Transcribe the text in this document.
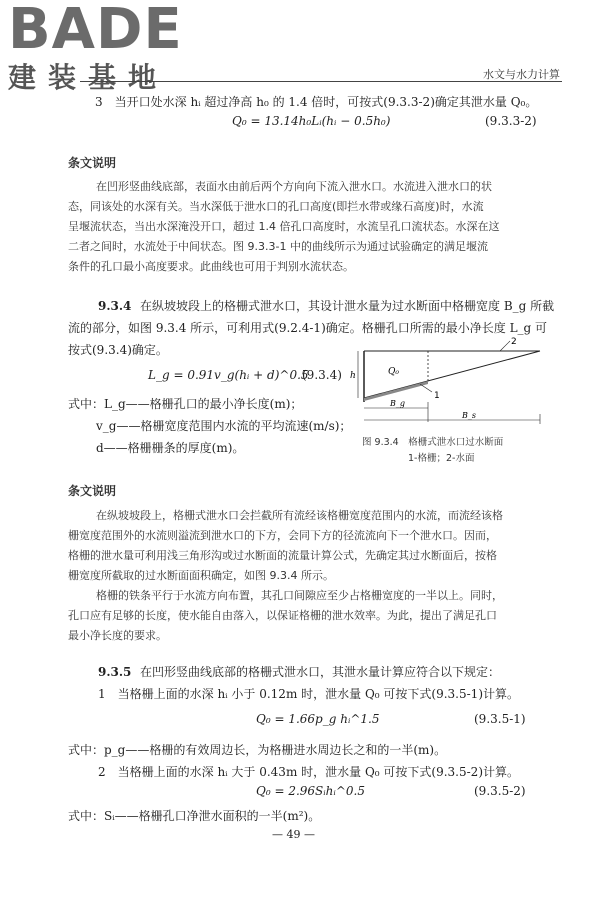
BADE
建装基地	水文与水力计算
3　当开口处水深 hᵢ 超过净高 h₀ 的 1.4 倍时，可按式(9.3.3-2)确定其泄水量 Q₀。
Q₀ = 13.14h₀Lᵢ(hᵢ − 0.5h₀)	(9.3.3-2)
条文说明
在凹形竖曲线底部，表面水由前后两个方向向下流入泄水口。水流进入泄水口的状
态，同该处的水深有关。当水深低于泄水口的孔口高度(即拦水带或缘石高度)时，水流
呈堰流状态，当出水深淹没开口，超过 1.4 倍孔口高度时，水流呈孔口流状态。水深在这
二者之间时，水流处于中间状态。图 9.3.3-1 中的曲线所示为通过试验确定的满足堰流
条件的孔口最小高度要求。此曲线也可用于判别水流状态。
9.3.4 在纵坡坡段上的格栅式泄水口，其设计泄水量为过水断面中格栅宽度 B_g 所截
流的部分，如图 9.3.4 所示，可利用式(9.2.4-1)确定。格栅孔口所需的最小净长度 L_g 可
按式(9.3.4)确定。
L_g = 0.91v_g(hᵢ + d)^0.5
(9.3.4)
式中：L_g——格栅孔口的最小净长度(m)；
v_g——格栅宽度范围内水流的平均流速(m/s)；
d——格栅栅条的厚度(m)。
2
1
h	Q₀
B_g
B_s
图 9.3.4　格栅式泄水口过水断面
1-格栅；2-水面
条文说明
在纵坡坡段上，格栅式泄水口会拦截所有流经该格栅宽度范围内的水流，而流经该格
栅宽度范围外的水流则溢流到泄水口的下方，会同下方的径流流向下一个泄水口。因而，
格栅的泄水量可利用浅三角形沟或过水断面的流量计算公式，先确定其过水断面后，按格
栅宽度所截取的过水断面面积确定，如图 9.3.4 所示。
格栅的铁条平行于水流方向布置，其孔口间隙应至少占格栅宽度的一半以上。同时，
孔口应有足够的长度，使水能自由落入，以保证格栅的泄水效率。为此，提出了满足孔口
最小净长度的要求。
9.3.5 在凹形竖曲线底部的格栅式泄水口，其泄水量计算应符合以下规定：
1　当格栅上面的水深 hᵢ 小于 0.12m 时，泄水量 Q₀ 可按下式(9.3.5-1)计算。
Q₀ = 1.66p_g hᵢ^1.5	(9.3.5-1)
式中：p_g——格栅的有效周边长，为格栅进水周边长之和的一半(m)。
2　当格栅上面的水深 hᵢ 大于 0.43m 时，泄水量 Q₀ 可按下式(9.3.5-2)计算。
Q₀ = 2.96Sᵢhᵢ^0.5	(9.3.5-2)
式中：Sᵢ——格栅孔口净泄水面积的一半(m²)。
— 49 —
